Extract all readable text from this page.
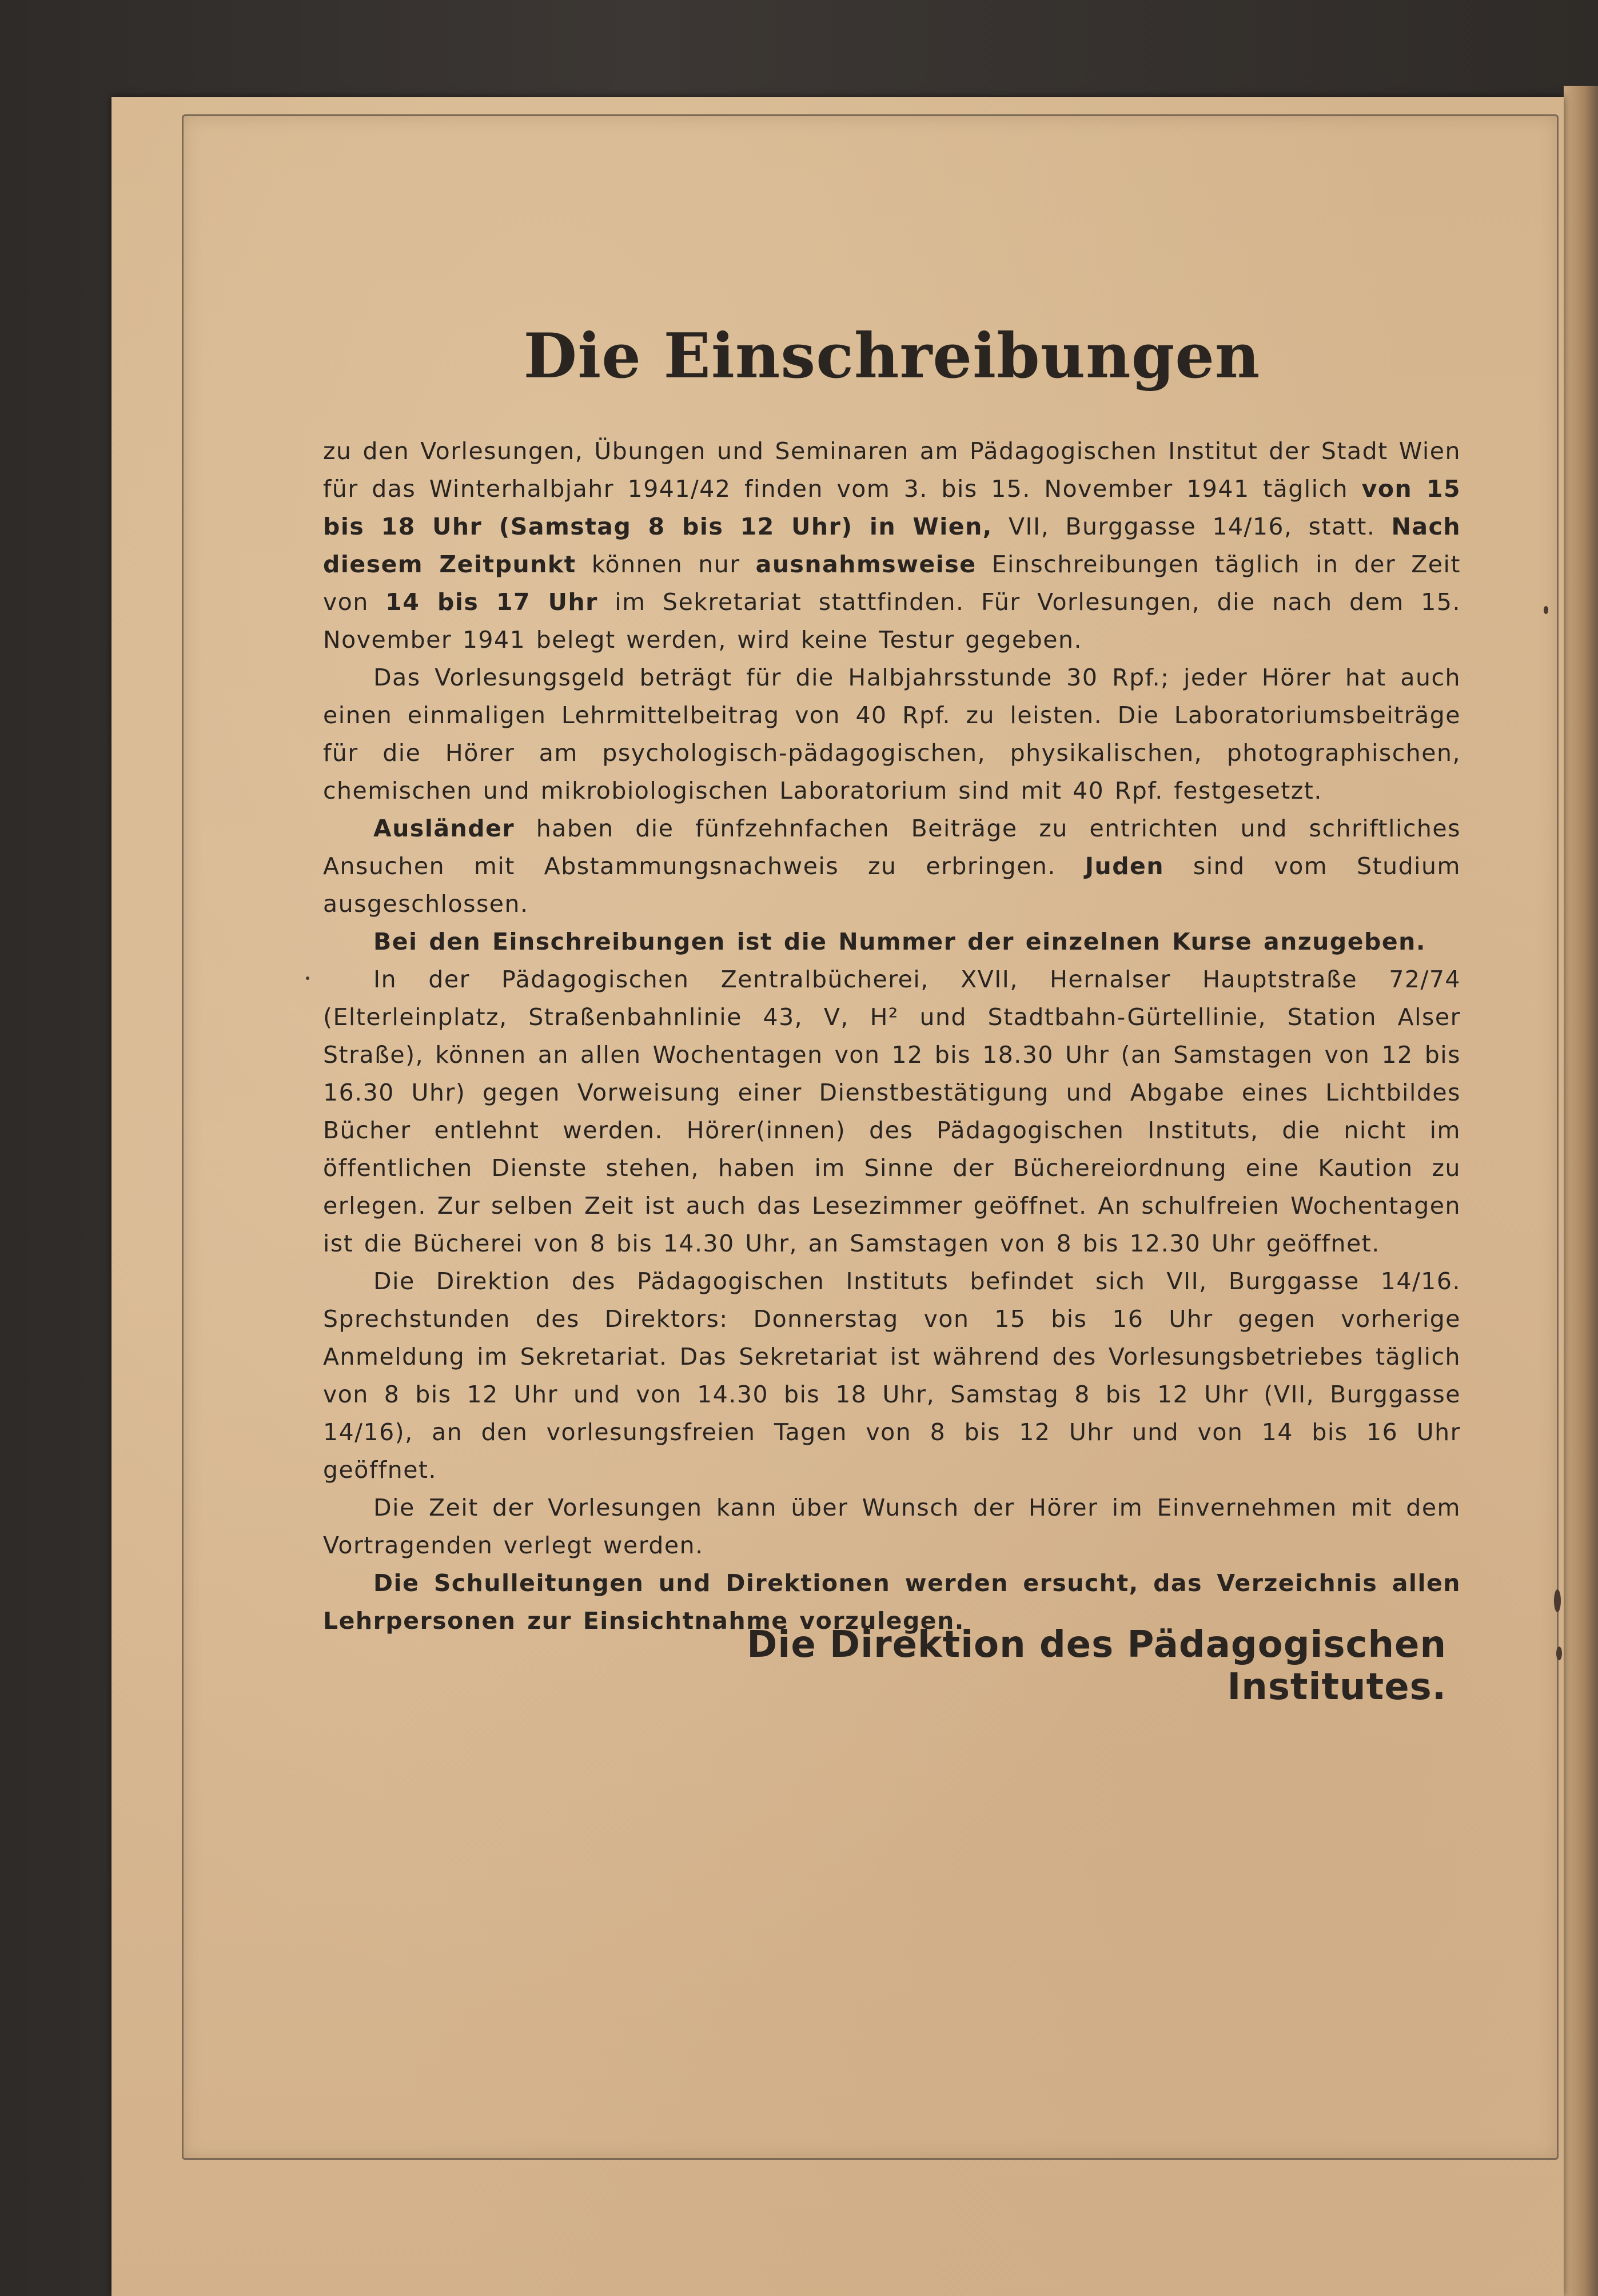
Die Einschreibungen

zu den Vorlesungen, Übungen und Seminaren am Pädagogischen Institut der Stadt Wien für das Winterhalbjahr 1941/42 finden vom 3. bis 15. November 1941 täglich von 15 bis 18 Uhr (Samstag 8 bis 12 Uhr) in Wien, VII, Burggasse 14/16, statt. Nach diesem Zeitpunkt können nur ausnahmsweise Einschreibungen täglich in der Zeit von 14 bis 17 Uhr im Sekretariat stattfinden. Für Vorlesungen, die nach dem 15. November 1941 belegt werden, wird keine Testur gegeben.

Das Vorlesungsgeld beträgt für die Halbjahrsstunde 30 Rpf.; jeder Hörer hat auch einen einmaligen Lehrmittelbeitrag von 40 Rpf. zu leisten. Die Laboratoriumsbeiträge für die Hörer am psychologisch-pädagogischen, physikalischen, photographischen, chemischen und mikrobiologischen Laboratorium sind mit 40 Rpf. festgesetzt.

Ausländer haben die fünfzehnfachen Beiträge zu entrichten und schriftliches Ansuchen mit Abstammungsnachweis zu erbringen. Juden sind vom Studium ausgeschlossen.

Bei den Einschreibungen ist die Nummer der einzelnen Kurse anzugeben.

In der Pädagogischen Zentralbücherei, XVII, Hernalser Hauptstraße 72/74 (Elterleinplatz, Straßenbahnlinie 43, V, H² und Stadtbahn-Gürtellinie, Station Alser Straße), können an allen Wochentagen von 12 bis 18.30 Uhr (an Samstagen von 12 bis 16.30 Uhr) gegen Vorweisung einer Dienstbestätigung und Abgabe eines Lichtbildes Bücher entlehnt werden. Hörer(innen) des Pädagogischen Instituts, die nicht im öffentlichen Dienste stehen, haben im Sinne der Büchereiordnung eine Kaution zu erlegen. Zur selben Zeit ist auch das Lesezimmer geöffnet. An schulfreien Wochentagen ist die Bücherei von 8 bis 14.30 Uhr, an Samstagen von 8 bis 12.30 Uhr geöffnet.

Die Direktion des Pädagogischen Instituts befindet sich VII, Burggasse 14/16. Sprechstunden des Direktors: Donnerstag von 15 bis 16 Uhr gegen vorherige Anmeldung im Sekretariat. Das Sekretariat ist während des Vorlesungsbetriebes täglich von 8 bis 12 Uhr und von 14.30 bis 18 Uhr, Samstag 8 bis 12 Uhr (VII, Burggasse 14/16), an den vorlesungsfreien Tagen von 8 bis 12 Uhr und von 14 bis 16 Uhr geöffnet.

Die Zeit der Vorlesungen kann über Wunsch der Hörer im Einvernehmen mit dem Vortragenden verlegt werden.

Die Schulleitungen und Direktionen werden ersucht, das Verzeichnis allen Lehrpersonen zur Einsichtnahme vorzulegen.

Die Direktion des Pädagogischen Institutes.
